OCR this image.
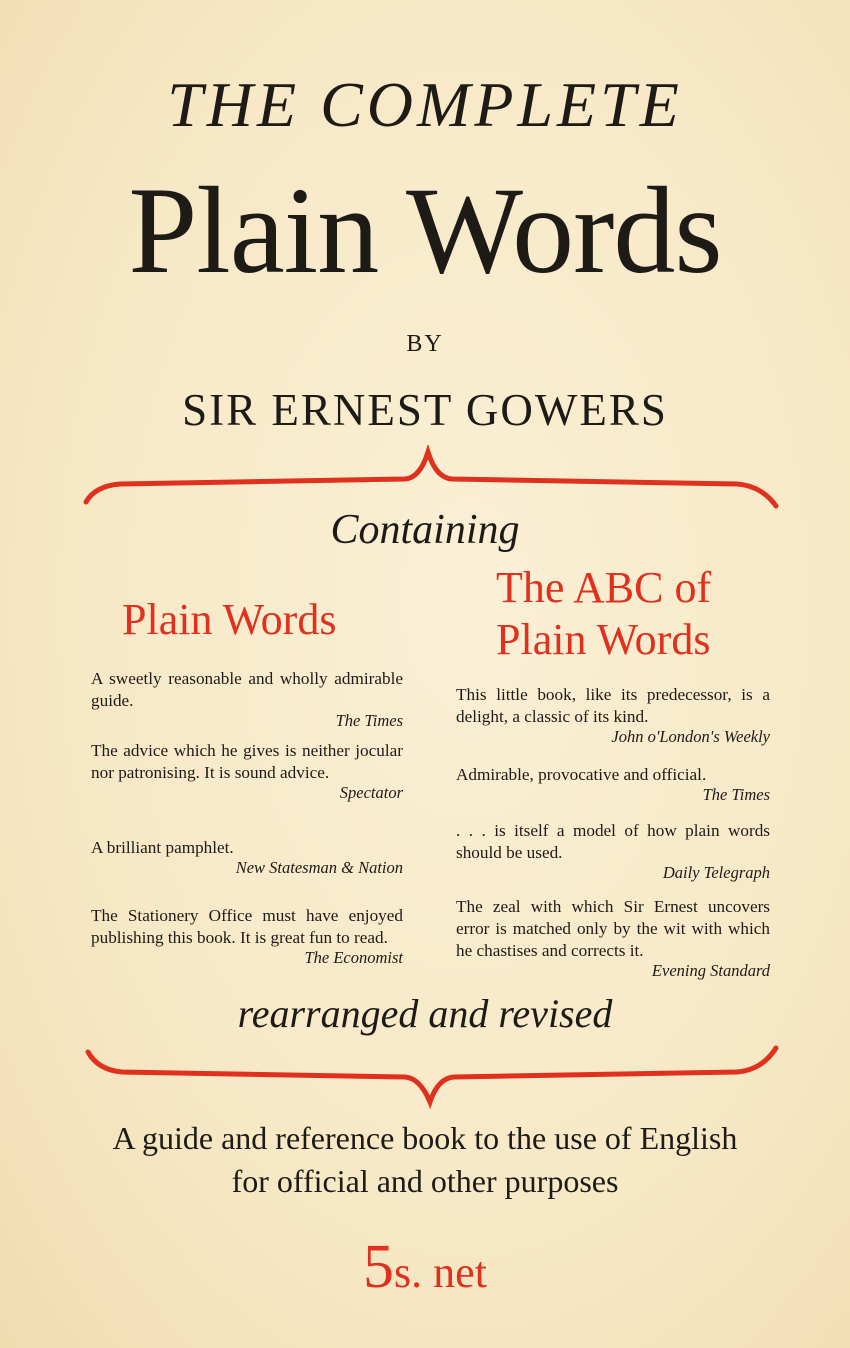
THE COMPLETE
Plain Words
BY
SIR ERNEST GOWERS
Containing
Plain Words
The ABC of
Plain Words
A sweetly reasonable and wholly admirable guide.
The Times
The advice which he gives is neither jocular nor patronising. It is sound advice.
Spectator
A brilliant pamphlet.
New Statesman & Nation
The Stationery Office must have enjoyed publishing this book. It is great fun to read.
The Economist
This little book, like its predecessor, is a delight, a classic of its kind.
John o'London's Weekly
Admirable, provocative and official.
The Times
. . . is itself a model of how plain words should be used.
Daily Telegraph
The zeal with which Sir Ernest uncovers error is matched only by the wit with which he chastises and corrects it.
Evening Standard
rearranged and revised
A guide and reference book to the use of English
for official and other purposes
5s. net
